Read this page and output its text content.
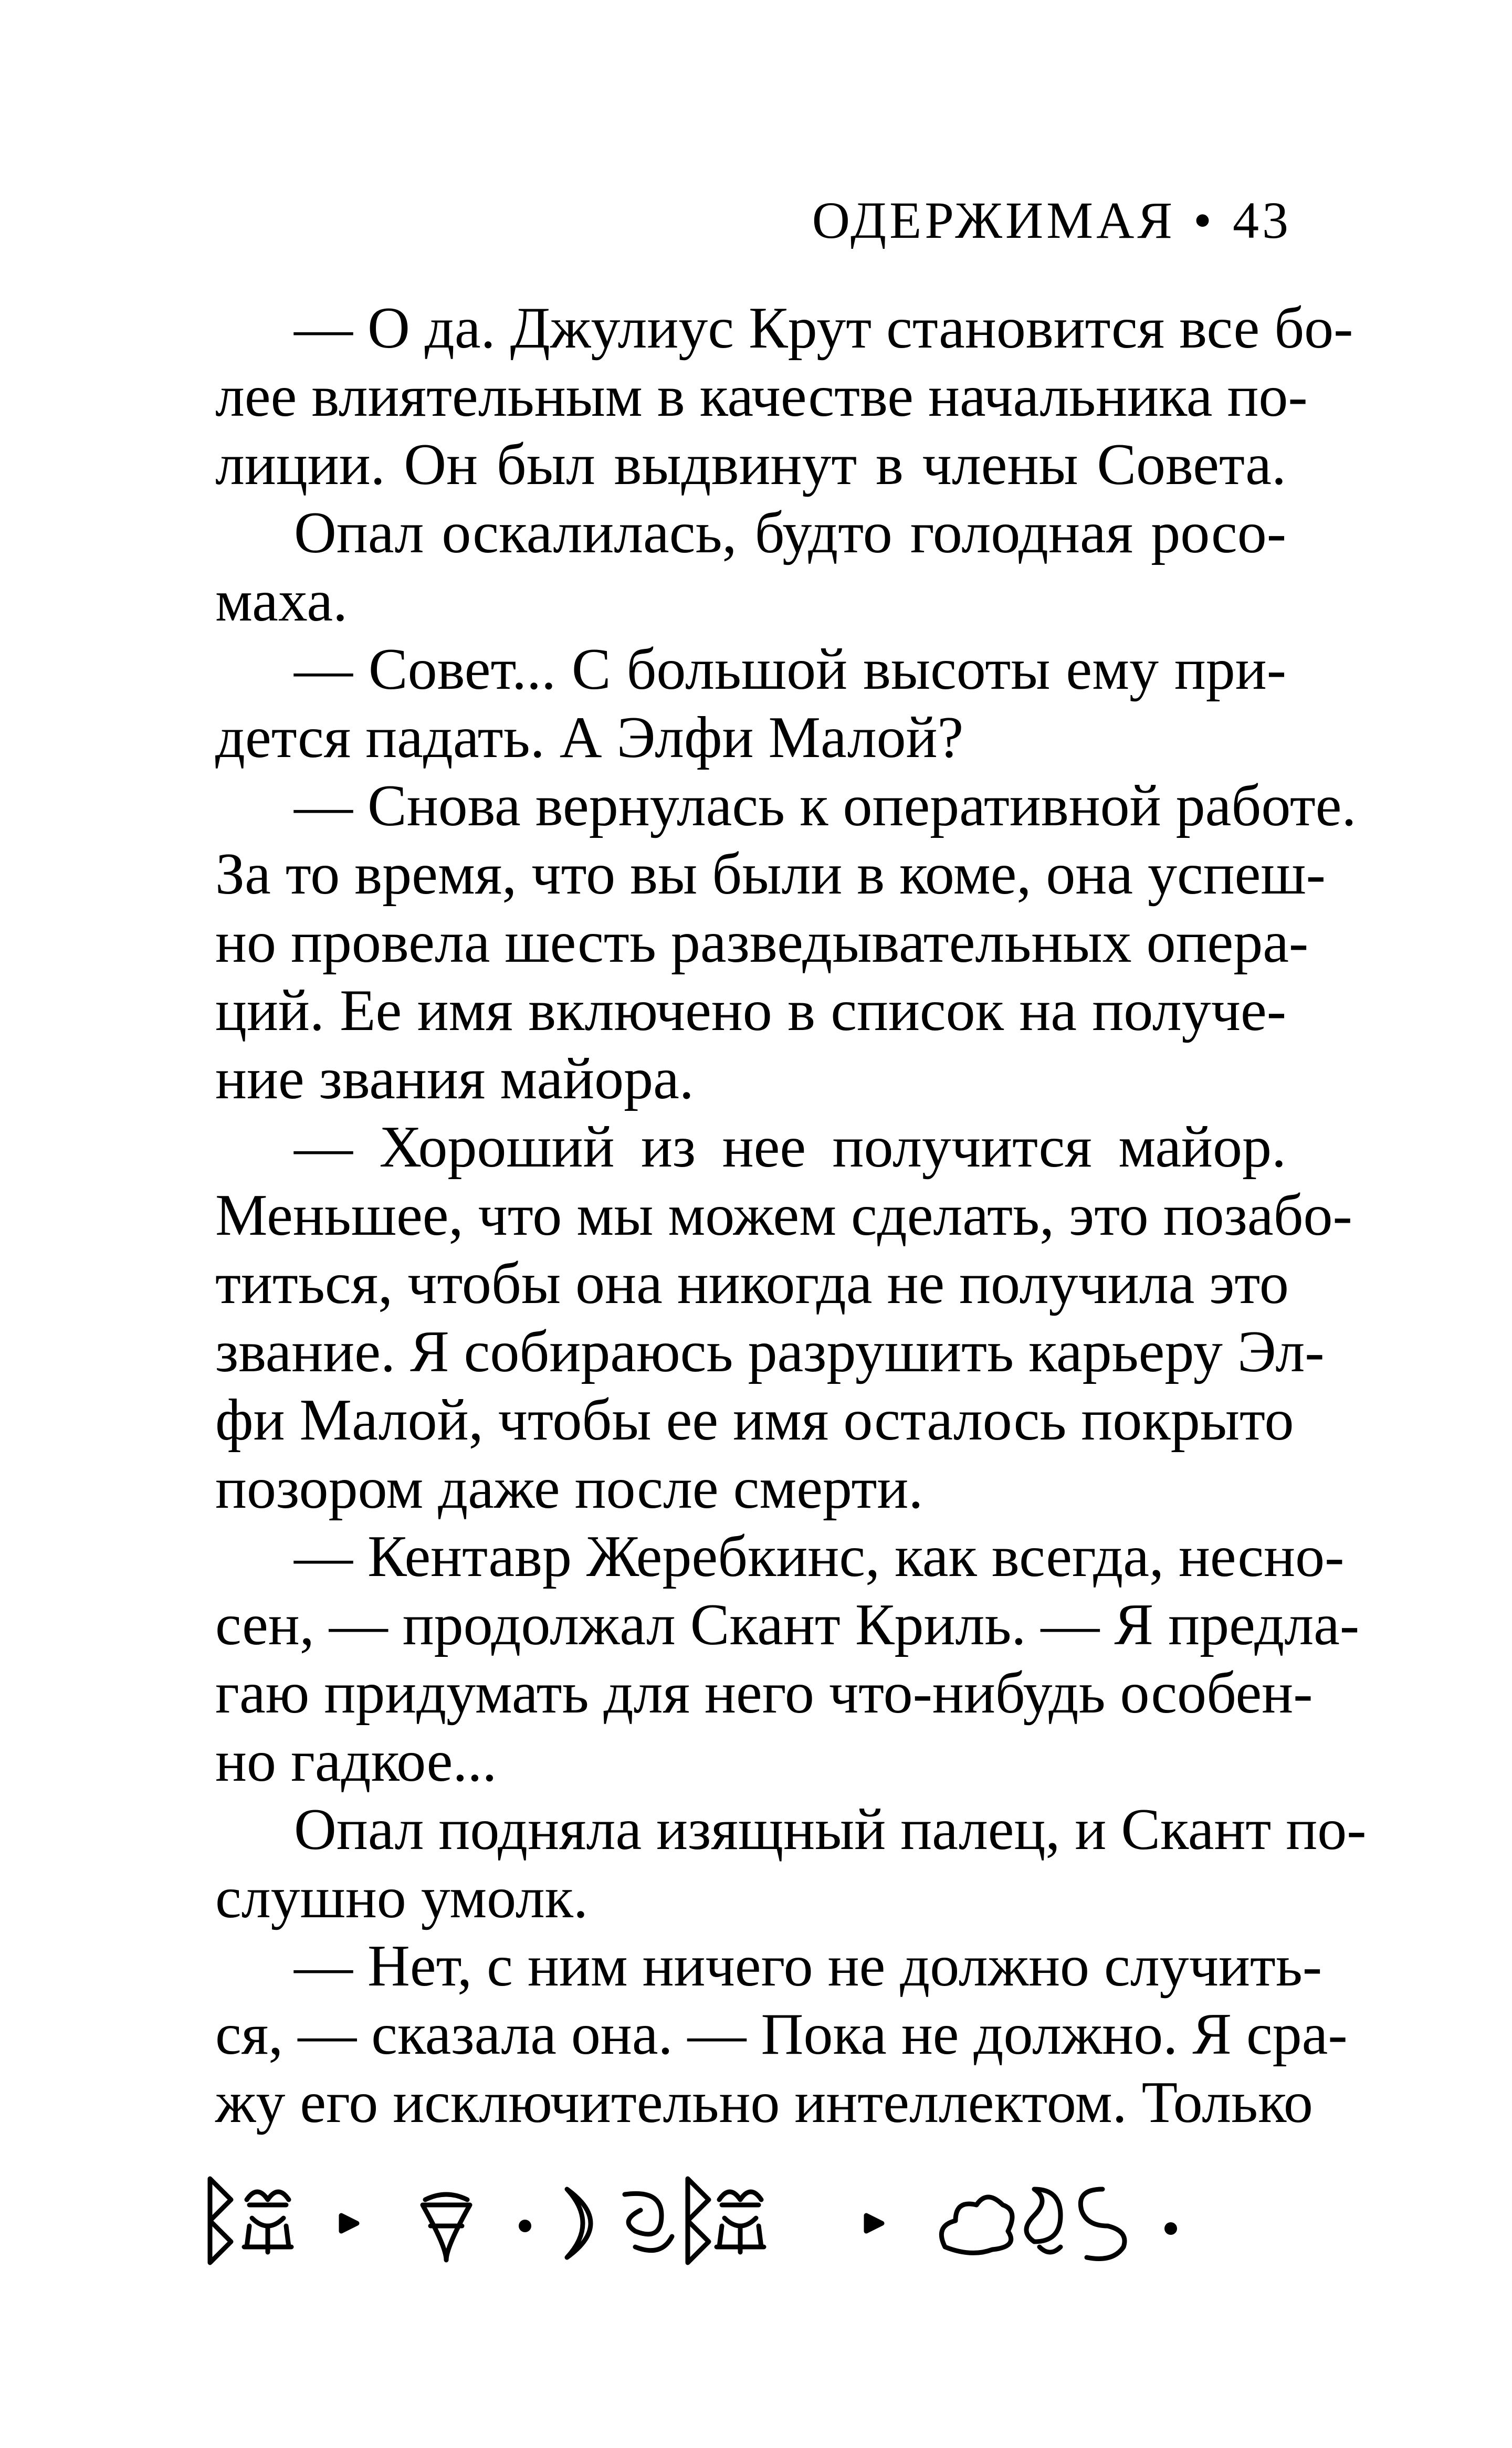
ОДЕРЖИМАЯ • 43
— О да. Джулиус Крут становится все бо-
лее влиятельным в качестве начальника по-
лиции. Он был выдвинут в члены Совета.
Опал оскалилась, будто голодная росо-
маха.
— Совет... С большой высоты ему при-
дется падать. А Элфи Малой?
— Снова вернулась к оперативной работе.
За то время, что вы были в коме, она успеш-
но провела шесть разведывательных опера-
ций. Ее имя включено в список на получе-
ние звания майора.
— Хороший из нее получится майор.
Меньшее, что мы можем сделать, это позабо-
титься, чтобы она никогда не получила это
звание. Я собираюсь разрушить карьеру Эл-
фи Малой, чтобы ее имя осталось покрыто
позором даже после смерти.
— Кентавр Жеребкинс, как всегда, несно-
сен, — продолжал Скант Криль. — Я предла-
гаю придумать для него что-нибудь особен-
но гадкое...
Опал подняла изящный палец, и Скант по-
слушно умолк.
— Нет, с ним ничего не должно случить-
ся, — сказала она. — Пока не должно. Я сра-
жу его исключительно интеллектом. Только
